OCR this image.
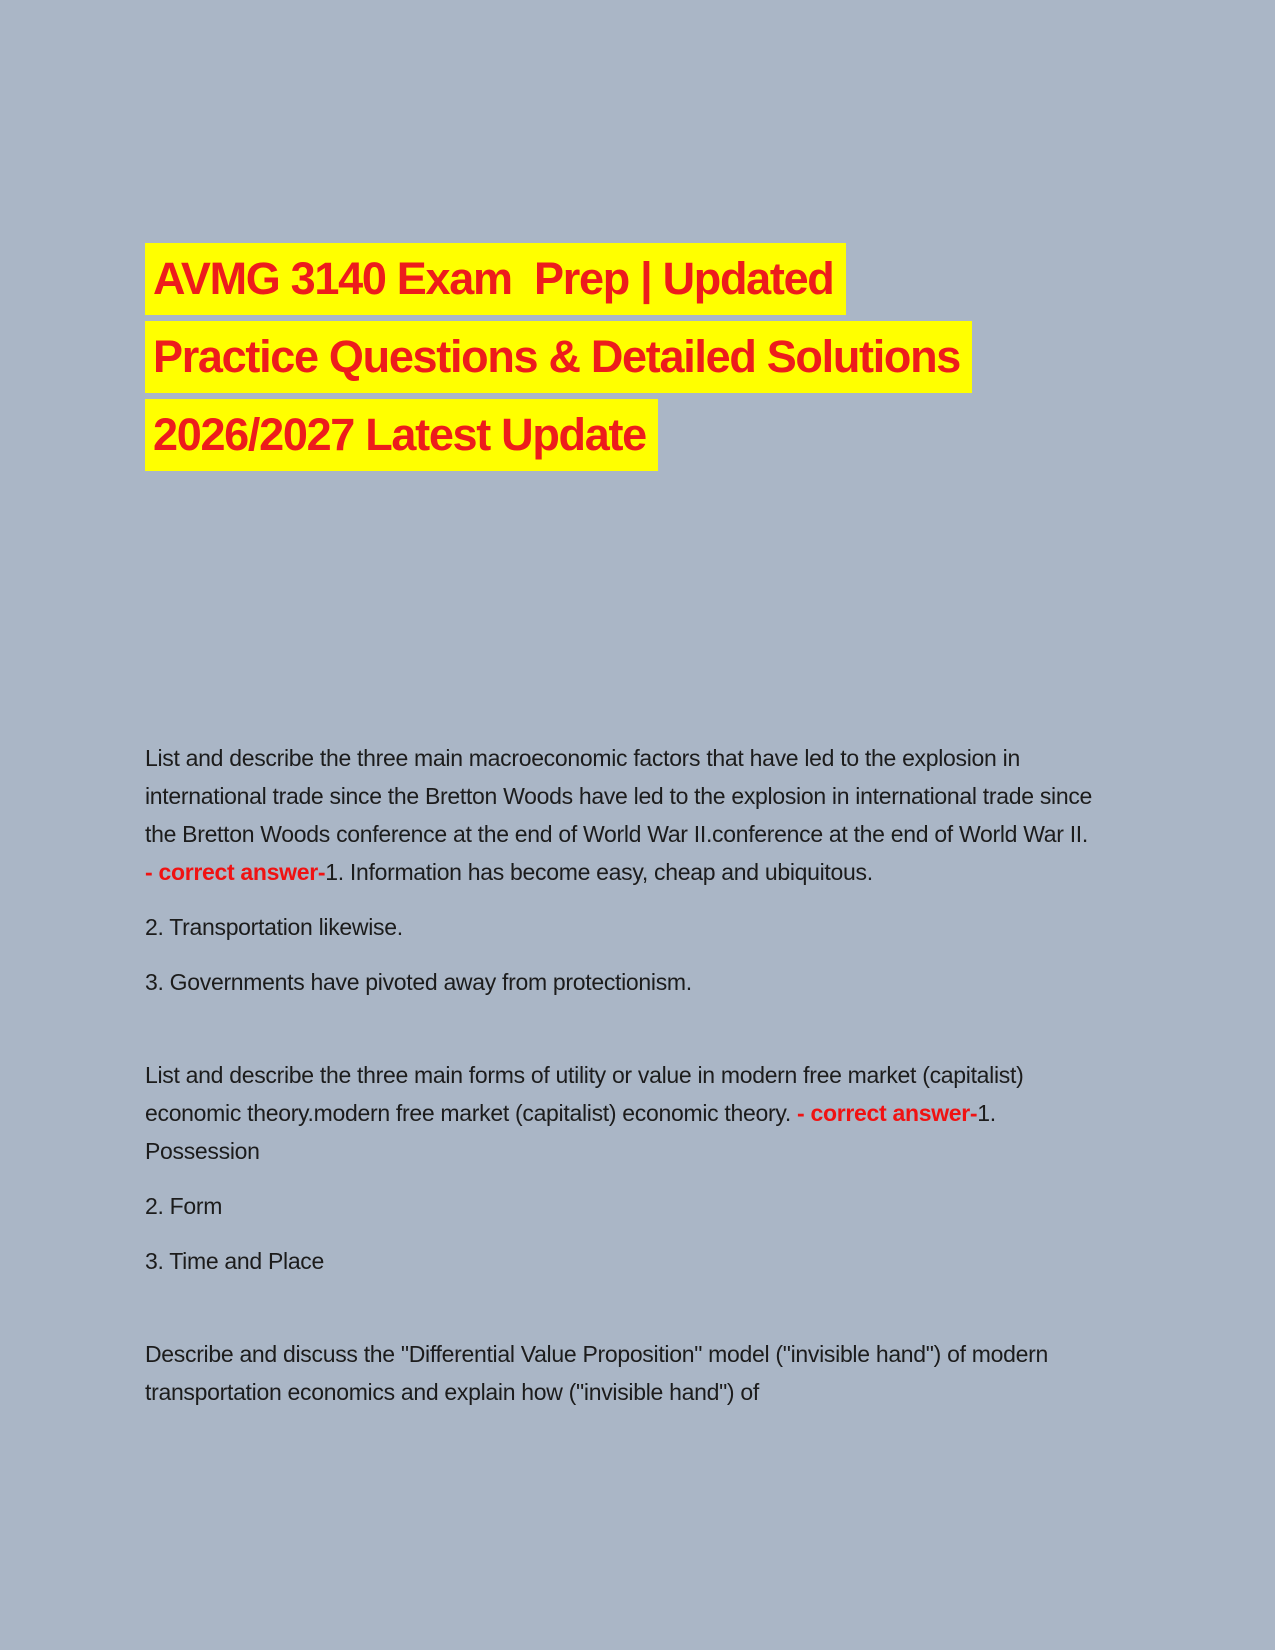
AVMG 3140 Exam  Prep | Updated
Practice Questions & Detailed Solutions
2026/2027 Latest Update

List and describe the three main macroeconomic factors that have led to the explosion in international trade since the Bretton Woods have led to the explosion in international trade since the Bretton Woods conference at the end of World War II.conference at the end of World War II. - correct answer-1. Information has become easy, cheap and ubiquitous.

2. Transportation likewise.

3. Governments have pivoted away from protectionism.

List and describe the three main forms of utility or value in modern free market (capitalist) economic theory.modern free market (capitalist) economic theory. - correct answer-1. Possession

2. Form

3. Time and Place

Describe and discuss the "Differential Value Proposition" model ("invisible hand") of modern transportation economics and explain how ("invisible hand") of
